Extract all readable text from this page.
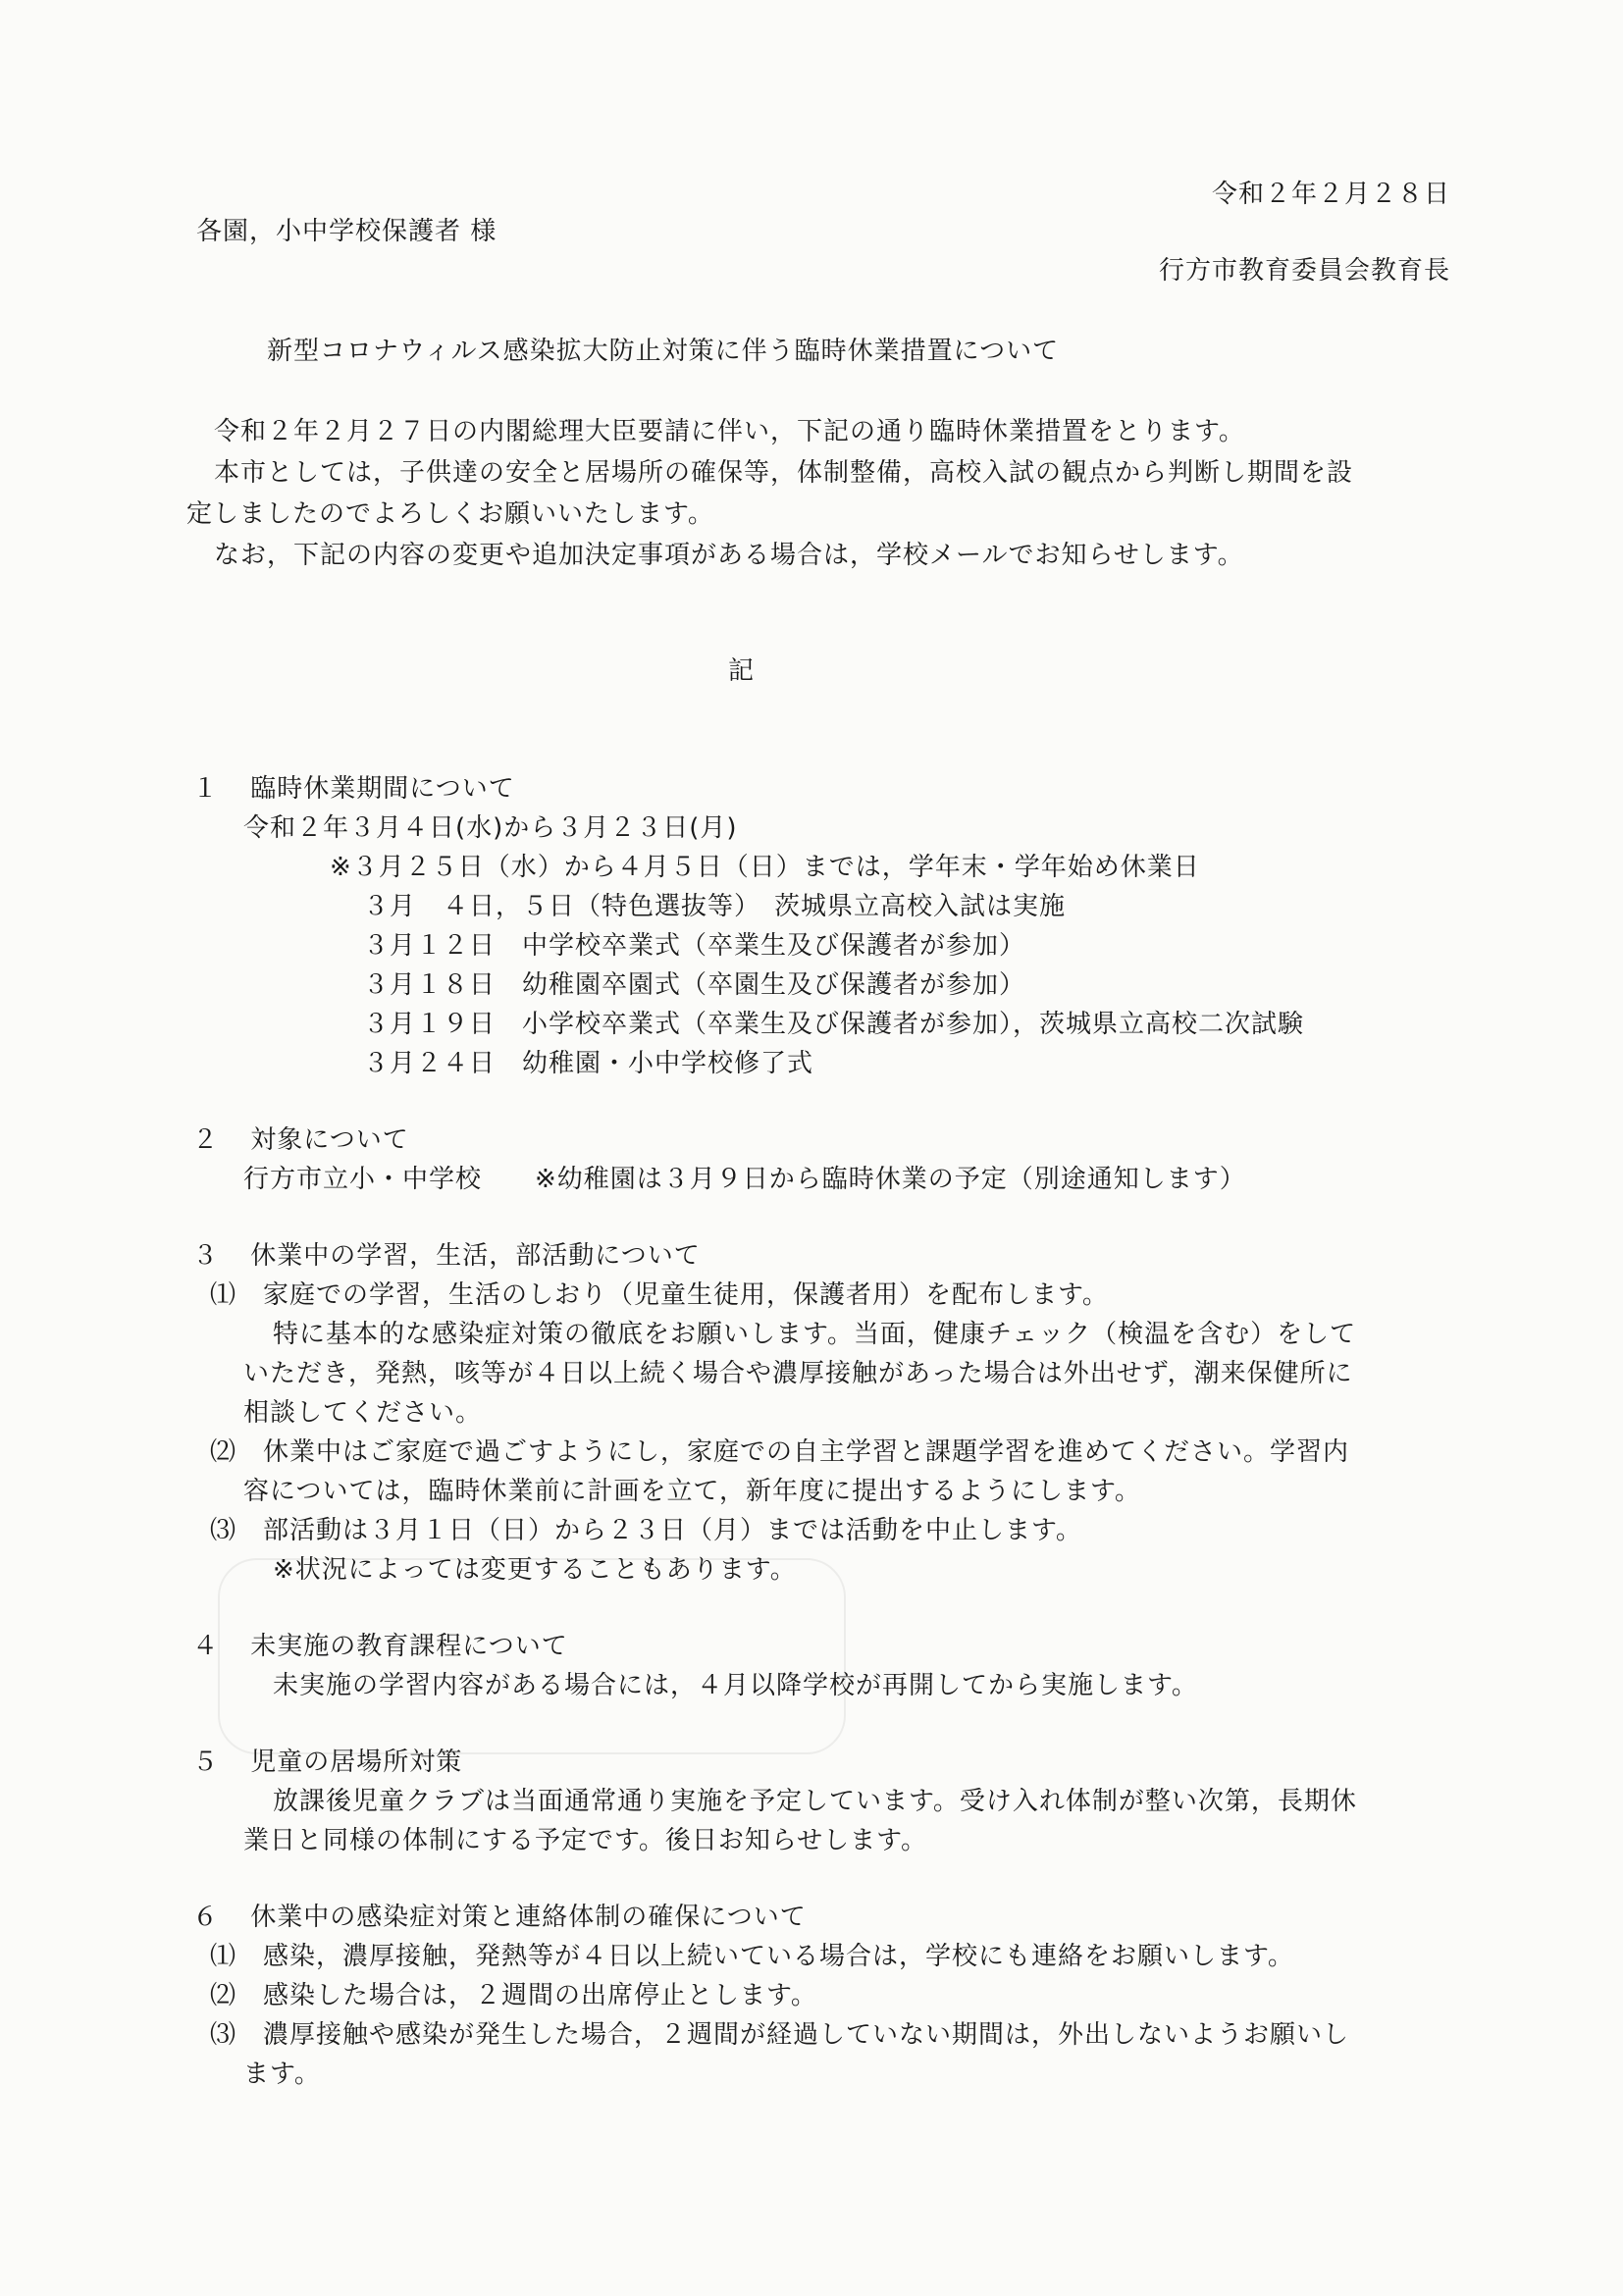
令和２年２月２８日
各園，小中学校保護者 様
行方市教育委員会教育長
新型コロナウィルス感染拡大防止対策に伴う臨時休業措置について
令和２年２月２７日の内閣総理大臣要請に伴い，下記の通り臨時休業措置をとります。
本市としては，子供達の安全と居場所の確保等，体制整備，高校入試の観点から判断し期間を設
定しましたのでよろしくお願いいたします。
なお，下記の内容の変更や追加決定事項がある場合は，学校メールでお知らせします。
記
１ 臨時休業期間について
令和２年３月４日(水)から３月２３日(月)
※３月２５日（水）から４月５日（日）までは，学年末・学年始め休業日
３月　４日，５日（特色選抜等）　茨城県立高校入試は実施
３月１２日　中学校卒業式（卒業生及び保護者が参加）
３月１８日　幼稚園卒園式（卒園生及び保護者が参加）
３月１９日　小学校卒業式（卒業生及び保護者が参加），茨城県立高校二次試験
３月２４日　幼稚園・小中学校修了式
２ 対象について
行方市立小・中学校　　※幼稚園は３月９日から臨時休業の予定（別途通知します）
３ 休業中の学習，生活，部活動について
⑴　家庭での学習，生活のしおり（児童生徒用，保護者用）を配布します。
特に基本的な感染症対策の徹底をお願いします。当面，健康チェック（検温を含む）をして
いただき，発熱，咳等が４日以上続く場合や濃厚接触があった場合は外出せず，潮来保健所に
相談してください。
⑵　休業中はご家庭で過ごすようにし，家庭での自主学習と課題学習を進めてください。学習内
容については，臨時休業前に計画を立て，新年度に提出するようにします。
⑶　部活動は３月１日（日）から２３日（月）までは活動を中止します。
※状況によっては変更することもあります。
４ 未実施の教育課程について
未実施の学習内容がある場合には，４月以降学校が再開してから実施します。
５ 児童の居場所対策
放課後児童クラブは当面通常通り実施を予定しています。受け入れ体制が整い次第，長期休
業日と同様の体制にする予定です。後日お知らせします。
６ 休業中の感染症対策と連絡体制の確保について
⑴　感染，濃厚接触，発熱等が４日以上続いている場合は，学校にも連絡をお願いします。
⑵　感染した場合は，２週間の出席停止とします。
⑶　濃厚接触や感染が発生した場合，２週間が経過していない期間は，外出しないようお願いし
ます。
